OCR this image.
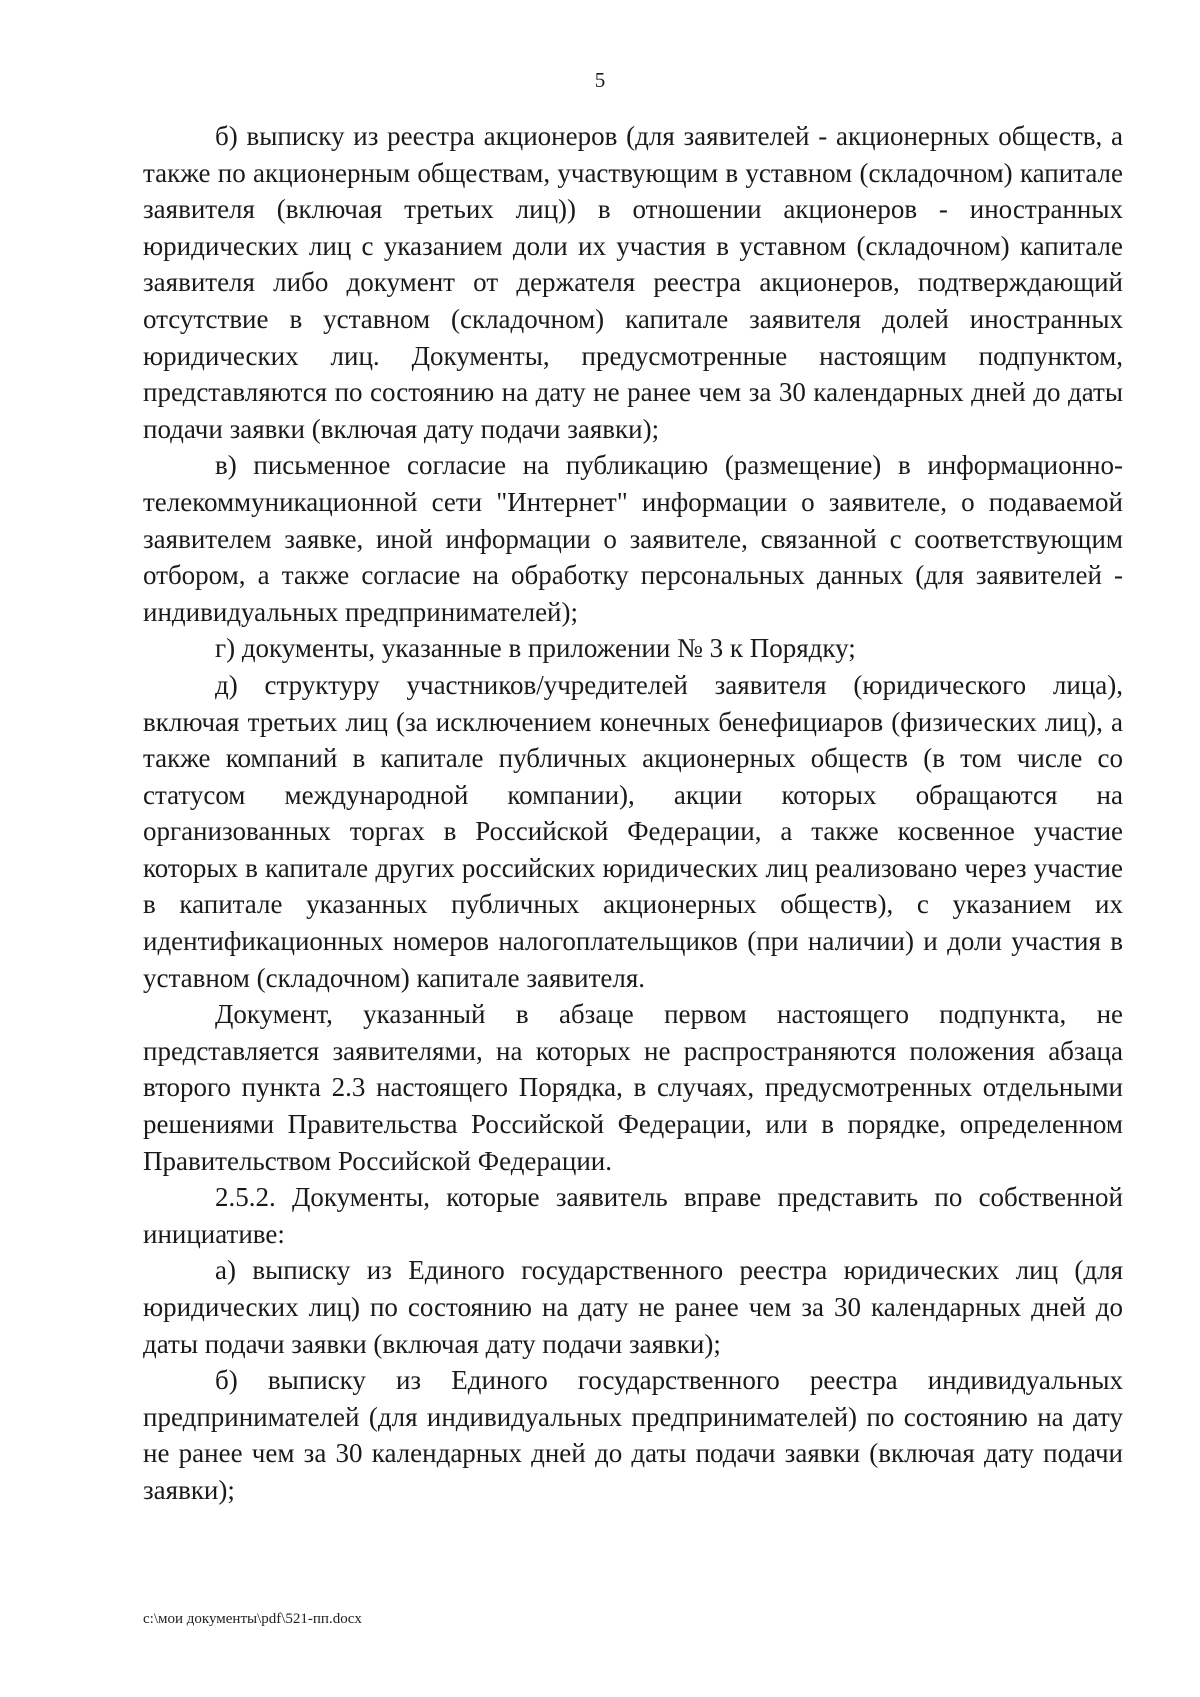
5

б) выписку из реестра акционеров (для заявителей - акционерных обществ, а также по акционерным обществам, участвующим в уставном (складочном) капитале заявителя (включая третьих лиц)) в отношении акционеров - иностранных юридических лиц с указанием доли их участия в уставном (складочном) капитале заявителя либо документ от держателя реестра акционеров, подтверждающий отсутствие в уставном (складочном) капитале заявителя долей иностранных юридических лиц. Документы, предусмотренные настоящим подпунктом, представляются по состоянию на дату не ранее чем за 30 календарных дней до даты подачи заявки (включая дату подачи заявки);

в) письменное согласие на публикацию (размещение) в информационно-телекоммуникационной сети "Интернет" информации о заявителе, о подаваемой заявителем заявке, иной информации о заявителе, связанной с соответствующим отбором, а также согласие на обработку персональных данных (для заявителей - индивидуальных предпринимателей);

г) документы, указанные в приложении № 3 к Порядку;

д) структуру участников/учредителей заявителя (юридического лица), включая третьих лиц (за исключением конечных бенефициаров (физических лиц), а также компаний в капитале публичных акционерных обществ (в том числе со статусом международной компании), акции которых обращаются на организованных торгах в Российской Федерации, а также косвенное участие которых в капитале других российских юридических лиц реализовано через участие в капитале указанных публичных акционерных обществ), с указанием их идентификационных номеров налогоплательщиков (при наличии) и доли участия в уставном (складочном) капитале заявителя.

Документ, указанный в абзаце первом настоящего подпункта, не представляется заявителями, на которых не распространяются положения абзаца второго пункта 2.3 настоящего Порядка, в случаях, предусмотренных отдельными решениями Правительства Российской Федерации, или в порядке, определенном Правительством Российской Федерации.

2.5.2. Документы, которые заявитель вправе представить по собственной инициативе:

а) выписку из Единого государственного реестра юридических лиц (для юридических лиц) по состоянию на дату не ранее чем за 30 календарных дней до даты подачи заявки (включая дату подачи заявки);

б) выписку из Единого государственного реестра индивидуальных предпринимателей (для индивидуальных предпринимателей) по состоянию на дату не ранее чем за 30 календарных дней до даты подачи заявки (включая дату подачи заявки);

c:\мои документы\pdf\521-пп.docx
